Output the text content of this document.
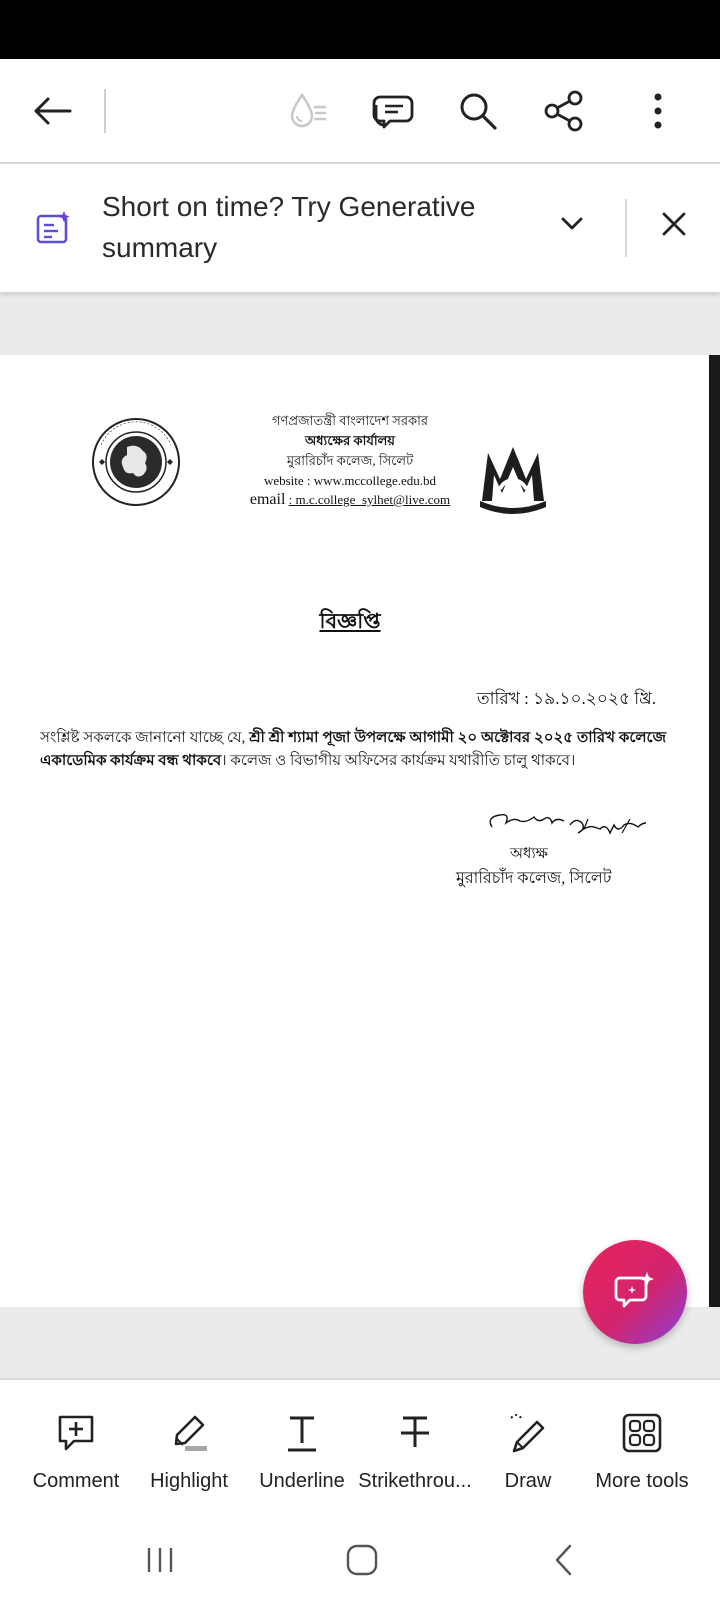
Short on time? Try Generative summary
গণপ্রজাতন্ত্রী বাংলাদেশ সরকার
অধ্যক্ষের কার্যালয়
মুরারিচাঁদ কলেজ, সিলেট
website : www.mccollege.edu.bd
email : m.c.college_sylhet@live.com
বিজ্ঞপ্তি
তারিখ : ১৯.১০.২০২৫ খ্রি.
সংশ্লিষ্ট সকলকে জানানো যাচ্ছে যে, শ্রী শ্রী শ্যামা পূজা উপলক্ষে আগামী ২০ অক্টোবর ২০২৫ তারিখ কলেজে একাডেমিক কার্যক্রম বন্ধ থাকবে। কলেজ ও বিভাগীয় অফিসের কার্যক্রম যথারীতি চালু থাকবে।
অধ্যক্ষ
মুরারিচাঁদ কলেজ, সিলেট
Comment	Highlight	Underline Strikethrou...	Draw	More tools
